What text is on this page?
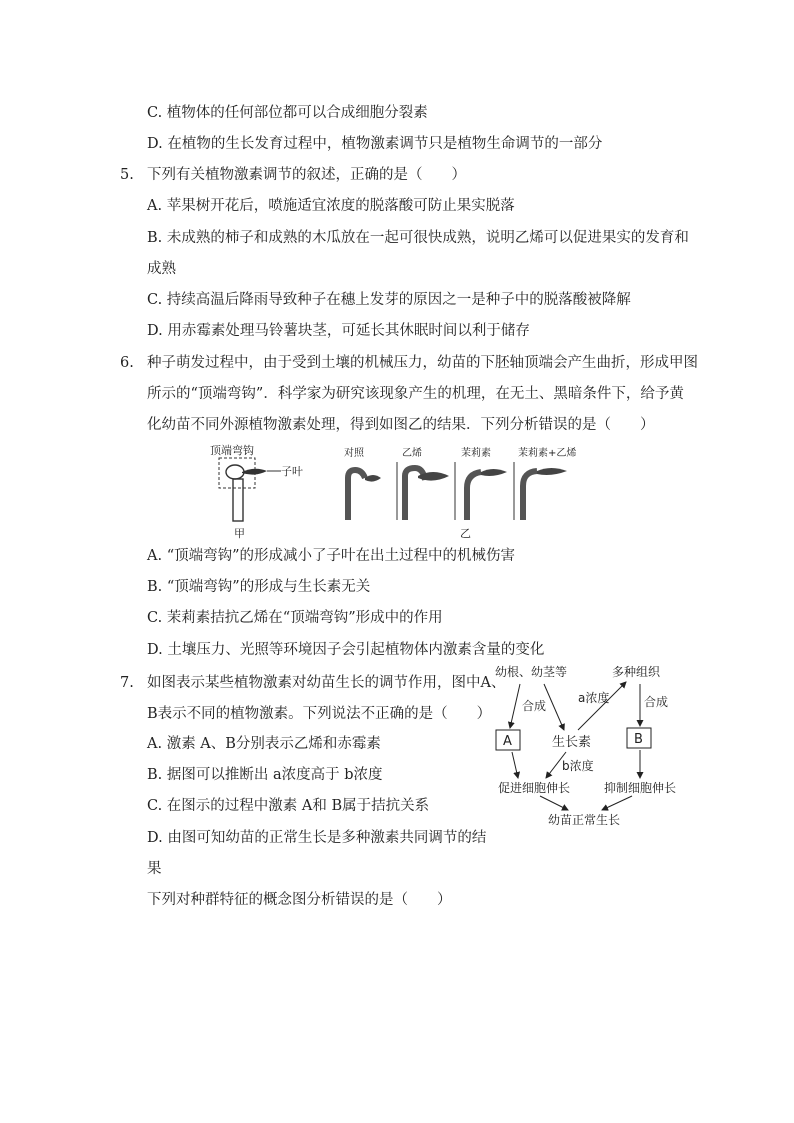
C. 植物体的任何部位都可以合成细胞分裂素
D. 在植物的生长发育过程中，植物激素调节只是植物生命调节的一部分
5. 下列有关植物激素调节的叙述，正确的是（　　）
A. 苹果树开花后，喷施适宜浓度的脱落酸可防止果实脱落
B. 未成熟的柿子和成熟的木瓜放在一起可很快成熟，说明乙烯可以促进果实的发育和
成熟
C. 持续高温后降雨导致种子在穗上发芽的原因之一是种子中的脱落酸被降解
D. 用赤霉素处理马铃薯块茎，可延长其休眠时间以利于储存
6. 种子萌发过程中，由于受到土壤的机械压力，幼苗的下胚轴顶端会产生曲折，形成甲图
所示的“顶端弯钩”．科学家为研究该现象产生的机理，在无土、黑暗条件下，给予黄
化幼苗不同外源植物激素处理，得到如图乙的结果．下列分析错误的是（　　）
顶端弯钩
子叶
甲
对照	乙烯	茉莉素	茉莉素+乙烯
乙
A. “顶端弯钩”的形成减小了子叶在出土过程中的机械伤害
B. “顶端弯钩”的形成与生长素无关
C. 茉莉素拮抗乙烯在“顶端弯钩”形成中的作用
D. 土壤压力、光照等环境因子会引起植物体内激素含量的变化
7. 如图表示某些植物激素对幼苗生长的调节作用，图中A、
B表示不同的植物激素。下列说法不正确的是（　　）
A. 激素 A、B分别表示乙烯和赤霉素
B. 据图可以推断出 a浓度高于 b浓度
C. 在图示的过程中激素 A和 B属于拮抗关系
D. 由图可知幼苗的正常生长是多种激素共同调节的结
果
幼根、幼茎等	多种组织
合成
a浓度	合成
A	生长素	B
b浓度
促进细胞伸长	抑制细胞伸长
幼苗正常生长
下列对种群特征的概念图分析错误的是（　　）
